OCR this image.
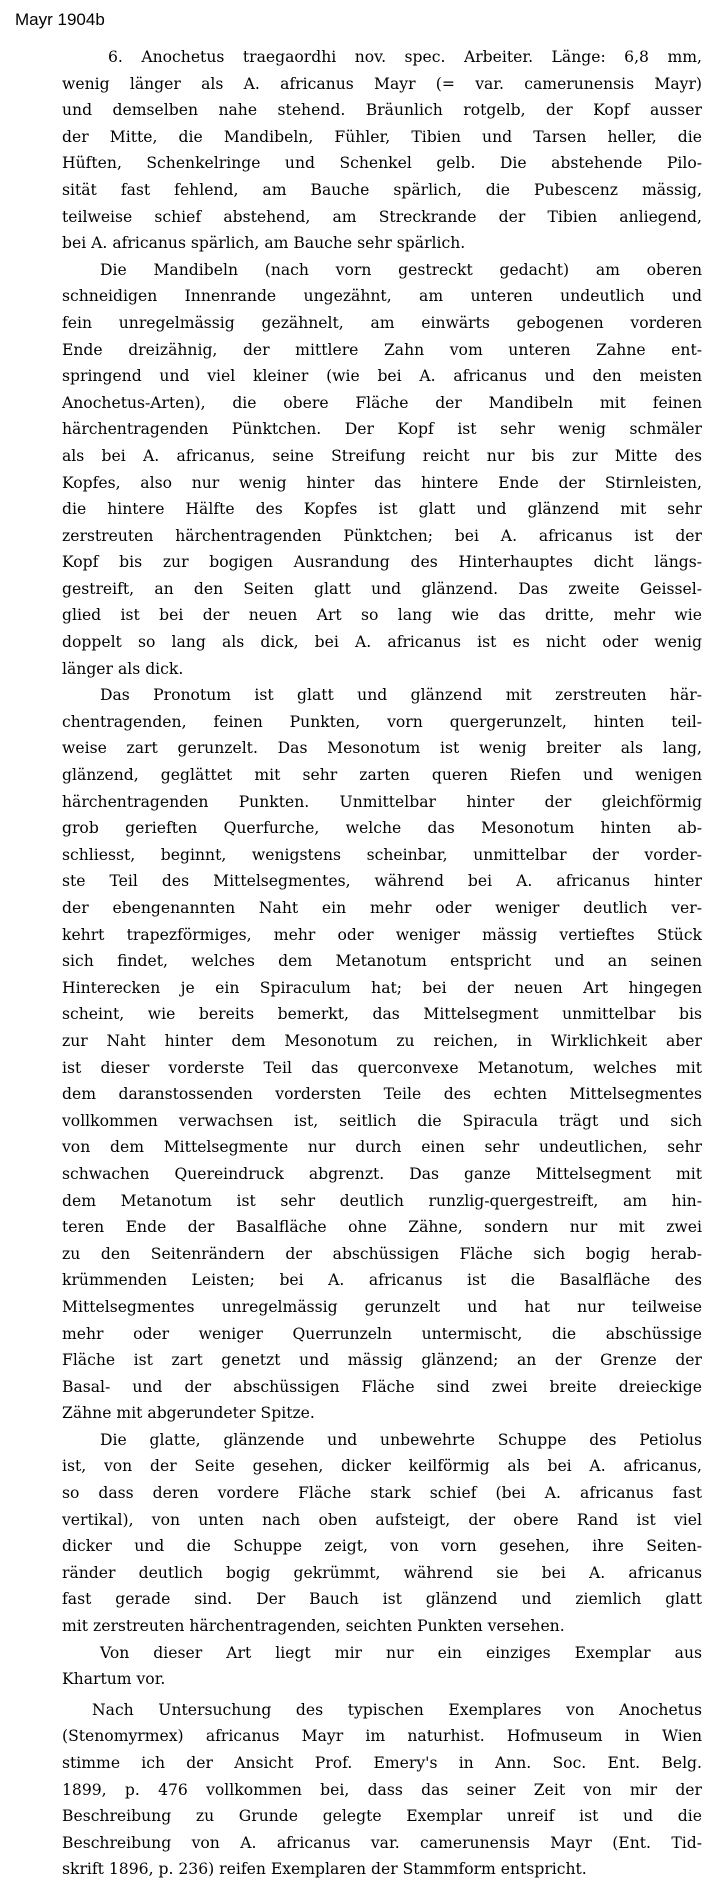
Mayr 1904b
6. Anochetus traegaordhi nov. spec. Arbeiter. Länge: 6,8 mm,
wenig länger als A. africanus Mayr (= var. camerunensis Mayr)
und demselben nahe stehend. Bräunlich rotgelb, der Kopf ausser
der Mitte, die Mandibeln, Fühler, Tibien und Tarsen heller, die
Hüften, Schenkelringe und Schenkel gelb. Die abstehende Pilo-
sität fast fehlend, am Bauche spärlich, die Pubescenz mässig,
teilweise schief abstehend, am Streckrande der Tibien anliegend,
bei A. africanus spärlich, am Bauche sehr spärlich.
Die Mandibeln (nach vorn gestreckt gedacht) am oberen
schneidigen Innenrande ungezähnt, am unteren undeutlich und
fein unregelmässig gezähnelt, am einwärts gebogenen vorderen
Ende dreizähnig, der mittlere Zahn vom unteren Zahne ent-
springend und viel kleiner (wie bei A. africanus und den meisten
Anochetus-Arten), die obere Fläche der Mandibeln mit feinen
härchentragenden Pünktchen. Der Kopf ist sehr wenig schmäler
als bei A. africanus, seine Streifung reicht nur bis zur Mitte des
Kopfes, also nur wenig hinter das hintere Ende der Stirnleisten,
die hintere Hälfte des Kopfes ist glatt und glänzend mit sehr
zerstreuten härchentragenden Pünktchen; bei A. africanus ist der
Kopf bis zur bogigen Ausrandung des Hinterhauptes dicht längs-
gestreift, an den Seiten glatt und glänzend. Das zweite Geissel-
glied ist bei der neuen Art so lang wie das dritte, mehr wie
doppelt so lang als dick, bei A. africanus ist es nicht oder wenig
länger als dick.
Das Pronotum ist glatt und glänzend mit zerstreuten här-
chentragenden, feinen Punkten, vorn quergerunzelt, hinten teil-
weise zart gerunzelt. Das Mesonotum ist wenig breiter als lang,
glänzend, geglättet mit sehr zarten queren Riefen und wenigen
härchentragenden Punkten. Unmittelbar hinter der gleichförmig
grob gerieften Querfurche, welche das Mesonotum hinten ab-
schliesst, beginnt, wenigstens scheinbar, unmittelbar der vorder-
ste Teil des Mittelsegmentes, während bei A. africanus hinter
der ebengenannten Naht ein mehr oder weniger deutlich ver-
kehrt trapezförmiges, mehr oder weniger mässig vertieftes Stück
sich findet, welches dem Metanotum entspricht und an seinen
Hinterecken je ein Spiraculum hat; bei der neuen Art hingegen
scheint, wie bereits bemerkt, das Mittelsegment unmittelbar bis
zur Naht hinter dem Mesonotum zu reichen, in Wirklichkeit aber
ist dieser vorderste Teil das querconvexe Metanotum, welches mit
dem daranstossenden vordersten Teile des echten Mittelsegmentes
vollkommen verwachsen ist, seitlich die Spiracula trägt und sich
von dem Mittelsegmente nur durch einen sehr undeutlichen, sehr
schwachen Quereindruck abgrenzt. Das ganze Mittelsegment mit
dem Metanotum ist sehr deutlich runzlig-quergestreift, am hin-
teren Ende der Basalfläche ohne Zähne, sondern nur mit zwei
zu den Seitenrändern der abschüssigen Fläche sich bogig herab-
krümmenden Leisten; bei A. africanus ist die Basalfläche des
Mittelsegmentes unregelmässig gerunzelt und hat nur teilweise
mehr oder weniger Querrunzeln untermischt, die abschüssige
Fläche ist zart genetzt und mässig glänzend; an der Grenze der
Basal- und der abschüssigen Fläche sind zwei breite dreieckige
Zähne mit abgerundeter Spitze.
Die glatte, glänzende und unbewehrte Schuppe des Petiolus
ist, von der Seite gesehen, dicker keilförmig als bei A. africanus,
so dass deren vordere Fläche stark schief (bei A. africanus fast
vertikal), von unten nach oben aufsteigt, der obere Rand ist viel
dicker und die Schuppe zeigt, von vorn gesehen, ihre Seiten-
ränder deutlich bogig gekrümmt, während sie bei A. africanus
fast gerade sind. Der Bauch ist glänzend und ziemlich glatt
mit zerstreuten härchentragenden, seichten Punkten versehen.
Von dieser Art liegt mir nur ein einziges Exemplar aus
Khartum vor.
Nach Untersuchung des typischen Exemplares von Anochetus
(Stenomyrmex) africanus Mayr im naturhist. Hofmuseum in Wien
stimme ich der Ansicht Prof. Emery's in Ann. Soc. Ent. Belg.
1899, p. 476 vollkommen bei, dass das seiner Zeit von mir der
Beschreibung zu Grunde gelegte Exemplar unreif ist und die
Beschreibung von A. africanus var. camerunensis Mayr (Ent. Tid-
skrift 1896, p. 236) reifen Exemplaren der Stammform entspricht.
